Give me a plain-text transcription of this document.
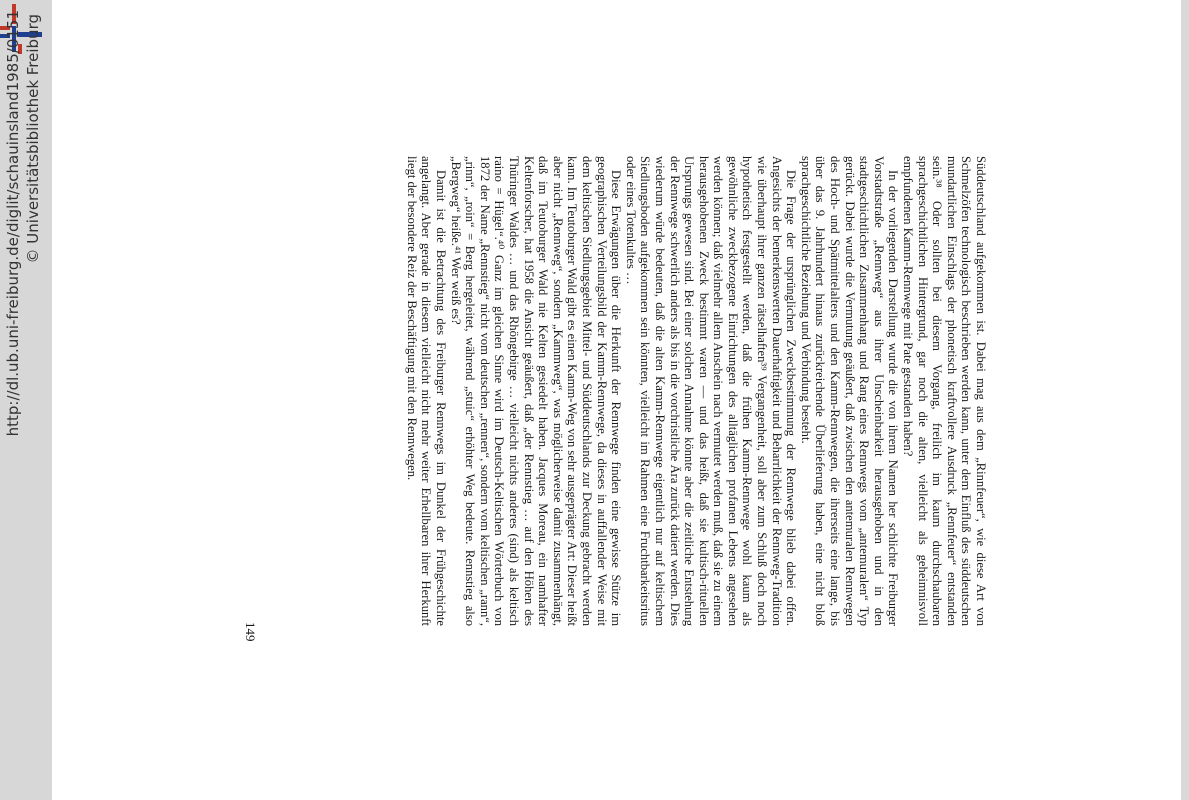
http://dl.ub.uni-freiburg.de/diglit/schauinsland1985/0151 © Universitätsbibliothek Freiburg

Süddeutschland aufgekommen ist. Dabei mag aus dem „Rinnfeuer“, wie diese Art von Schmelzöfen technologisch beschrieben werden kann, unter dem Einfluß des süddeutschen mundartlichen Einschlags der phonetisch kraftvollere Ausdruck „Rennfeuer“ entstanden sein.³⁸ Oder sollten bei diesem Vorgang, freilich im kaum durchschaubaren sprachgeschichtlichen Hintergrund, gar noch die alten, vielleicht als geheimnisvoll empfundenen Kamm-Rennwege mit Pate gestanden haben?

In der vorliegenden Darstellung wurde die von ihrem Namen her schlichte Freiburger Vorstadtstraße „Rennweg“ aus ihrer Unscheinbarkeit herausgehoben und in den stadtgeschichtlichen Zusammenhang und Rang eines Rennwegs vom „antemuralen“ Typ gerückt. Dabei wurde die Vermutung geäußert, daß zwischen den antemuralen Rennwegen des Hoch- und Spätmittelalters und den Kamm-Rennwegen, die ihrerseits eine lange, bis über das 9. Jahrhundert hinaus zurückreichende Überlieferung haben, eine nicht bloß sprachgeschichtliche Beziehung und Verbindung besteht.

Die Frage der ursprünglichen Zweckbestimmung der Rennwege blieb dabei offen. Angesichts der bemerkenswerten Dauerhaftigkeit und Beharrlichkeit der Rennweg-Tradition wie überhaupt ihrer ganzen rätselhaften³⁹ Vergangenheit, soll aber zum Schluß doch noch hypothetisch festgestellt werden, daß die frühen Kamm-Rennwege wohl kaum als gewöhnliche zweckbezogene Einrichtungen des alltäglichen profanen Lebens angesehen werden können; daß vielmehr allem Anschein nach vermutet werden muß, daß sie zu einem herausgehobenen Zweck bestimmt waren — und das heißt, daß sie kultisch-rituellen Ursprungs gewesen sind. Bei einer solchen Annahme könnte aber die zeitliche Entstehung der Rennwege schwerlich anders als bis in die vorchristliche Ära zurück datiert werden. Dies wiederum würde bedeuten, daß die alten Kamm-Rennwege eigentlich nur auf keltischem Siedlungsboden aufgekommen sein könnten, vielleicht im Rahmen eine Fruchtbarkeitsritus oder eines Totenkultes …

Diese Erwägungen über die Herkunft der Rennwege finden eine gewisse Stütze im geographischen Verteilungsbild der Kamm-Rennwege, da dieses in auffallender Weise mit dem keltischen Siedlungsgebiet Mittel- und Süddeutschlands zur Deckung gebracht werden kann. Im Teutoburger Wald gibt es einen Kamm-Weg von sehr ausgeprägter Art: Dieser heißt aber nicht „Rennweg“, sondern „Kammweg“, was möglicherweise damit zusammenhängt, daß im Teutoburger Wald nie Kelten gesiedelt haben. Jacques Moreau, ein namhafter Keltenforscher, hat 1958 die Ansicht geäußert, daß „der Rennstieg … auf den Höhen des Thüringer Waldes … und das Rhöngebirge … vielleicht nichts anderes (sind) als keltisch raino = Hügel“.⁴⁰ Ganz im gleichen Sinne wird im Deutsch-Keltischen Wörterbuch von 1872 der Name „Rennstieg“ nicht vom deutschen „rennen“, sondern vom keltischen „rann“, „rinn“, „roin“ = Berg hergeleitet, während „stuic“ erhöhter Weg bedeute. Rennstieg also „Bergweg“ heiße.⁴¹ Wer weiß es?

Damit ist die Betrachtung des Freiburger Rennwegs im Dunkel der Frühgeschichte angelangt. Aber gerade in diesem vielleicht nicht mehr weiter Erhellbaren ihrer Herkunft liegt der besondere Reiz der Beschäftigung mit den Rennwegen.

149
